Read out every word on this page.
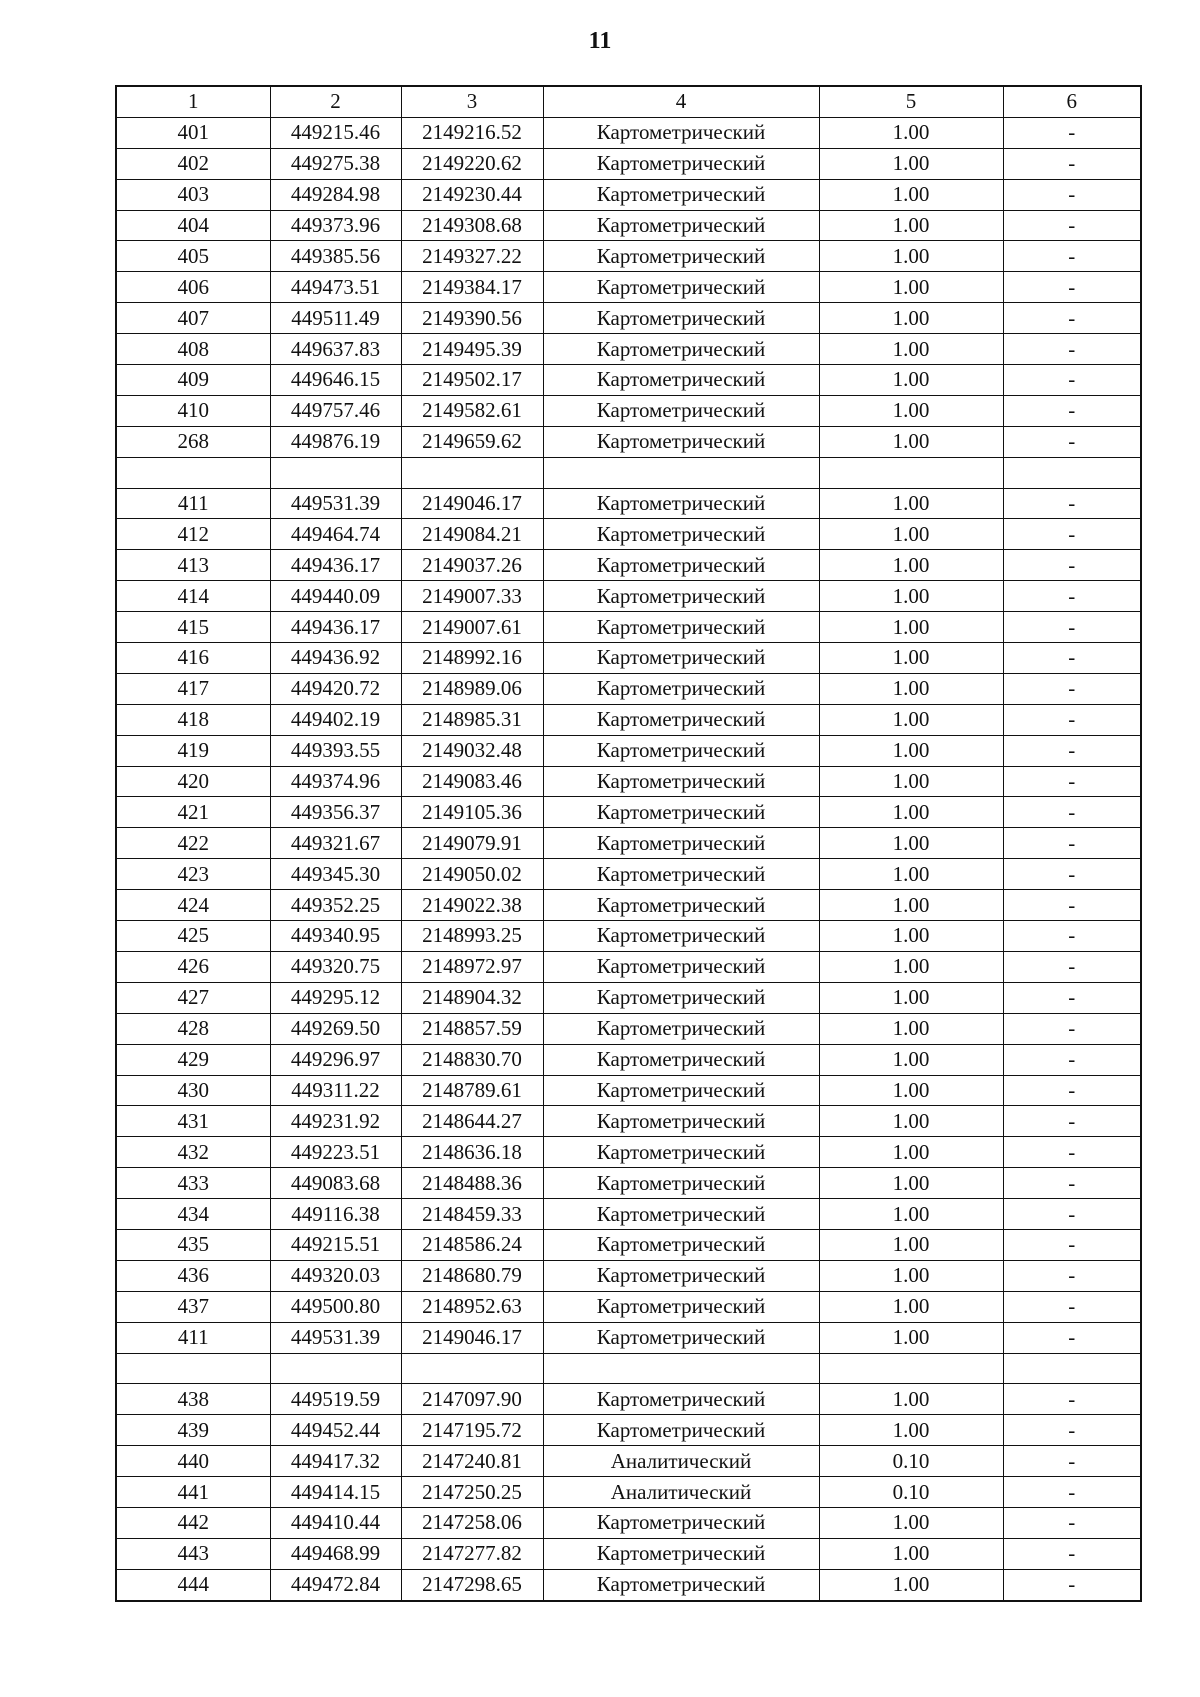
11
1	2	3	4	5	6
401	449215.46	2149216.52	Картометрический	1.00	-
402	449275.38	2149220.62	Картометрический	1.00	-
403	449284.98	2149230.44	Картометрический	1.00	-
404	449373.96	2149308.68	Картометрический	1.00	-
405	449385.56	2149327.22	Картометрический	1.00	-
406	449473.51	2149384.17	Картометрический	1.00	-
407	449511.49	2149390.56	Картометрический	1.00	-
408	449637.83	2149495.39	Картометрический	1.00	-
409	449646.15	2149502.17	Картометрический	1.00	-
410	449757.46	2149582.61	Картометрический	1.00	-
268	449876.19	2149659.62	Картометрический	1.00	-

411	449531.39	2149046.17	Картометрический	1.00	-
412	449464.74	2149084.21	Картометрический	1.00	-
413	449436.17	2149037.26	Картометрический	1.00	-
414	449440.09	2149007.33	Картометрический	1.00	-
415	449436.17	2149007.61	Картометрический	1.00	-
416	449436.92	2148992.16	Картометрический	1.00	-
417	449420.72	2148989.06	Картометрический	1.00	-
418	449402.19	2148985.31	Картометрический	1.00	-
419	449393.55	2149032.48	Картометрический	1.00	-
420	449374.96	2149083.46	Картометрический	1.00	-
421	449356.37	2149105.36	Картометрический	1.00	-
422	449321.67	2149079.91	Картометрический	1.00	-
423	449345.30	2149050.02	Картометрический	1.00	-
424	449352.25	2149022.38	Картометрический	1.00	-
425	449340.95	2148993.25	Картометрический	1.00	-
426	449320.75	2148972.97	Картометрический	1.00	-
427	449295.12	2148904.32	Картометрический	1.00	-
428	449269.50	2148857.59	Картометрический	1.00	-
429	449296.97	2148830.70	Картометрический	1.00	-
430	449311.22	2148789.61	Картометрический	1.00	-
431	449231.92	2148644.27	Картометрический	1.00	-
432	449223.51	2148636.18	Картометрический	1.00	-
433	449083.68	2148488.36	Картометрический	1.00	-
434	449116.38	2148459.33	Картометрический	1.00	-
435	449215.51	2148586.24	Картометрический	1.00	-
436	449320.03	2148680.79	Картометрический	1.00	-
437	449500.80	2148952.63	Картометрический	1.00	-
411	449531.39	2149046.17	Картометрический	1.00	-

438	449519.59	2147097.90	Картометрический	1.00	-
439	449452.44	2147195.72	Картометрический	1.00	-
440	449417.32	2147240.81	Аналитический	0.10	-
441	449414.15	2147250.25	Аналитический	0.10	-
442	449410.44	2147258.06	Картометрический	1.00	-
443	449468.99	2147277.82	Картометрический	1.00	-
444	449472.84	2147298.65	Картометрический	1.00	-
